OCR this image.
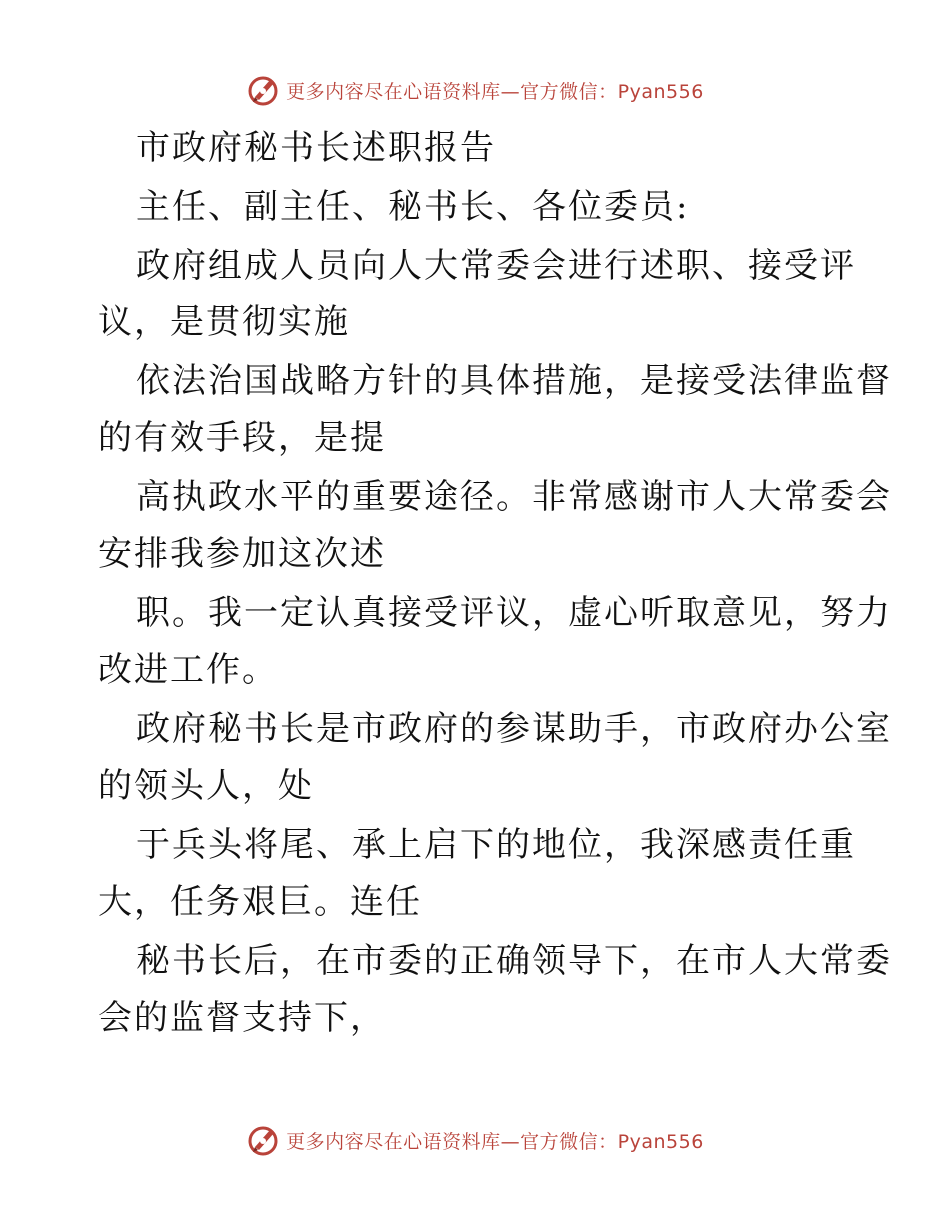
更多内容尽在心语资料库—官方微信：Pyan556
市政府秘书长述职报告
主任、副主任、秘书长、各位委员:
政府组成人员向人大常委会进行述职、接受评
议，是贯彻实施
依法治国战略方针的具体措施，是接受法律监督
的有效手段，是提
高执政水平的重要途径。非常感谢市人大常委会
安排我参加这次述
职。我一定认真接受评议，虚心听取意见，努力
改进工作。
政府秘书长是市政府的参谋助手，市政府办公室
的领头人，处
于兵头将尾、承上启下的地位，我深感责任重
大，任务艰巨。连任
秘书长后，在市委的正确领导下，在市人大常委
会的监督支持下，
更多内容尽在心语资料库—官方微信：Pyan556
